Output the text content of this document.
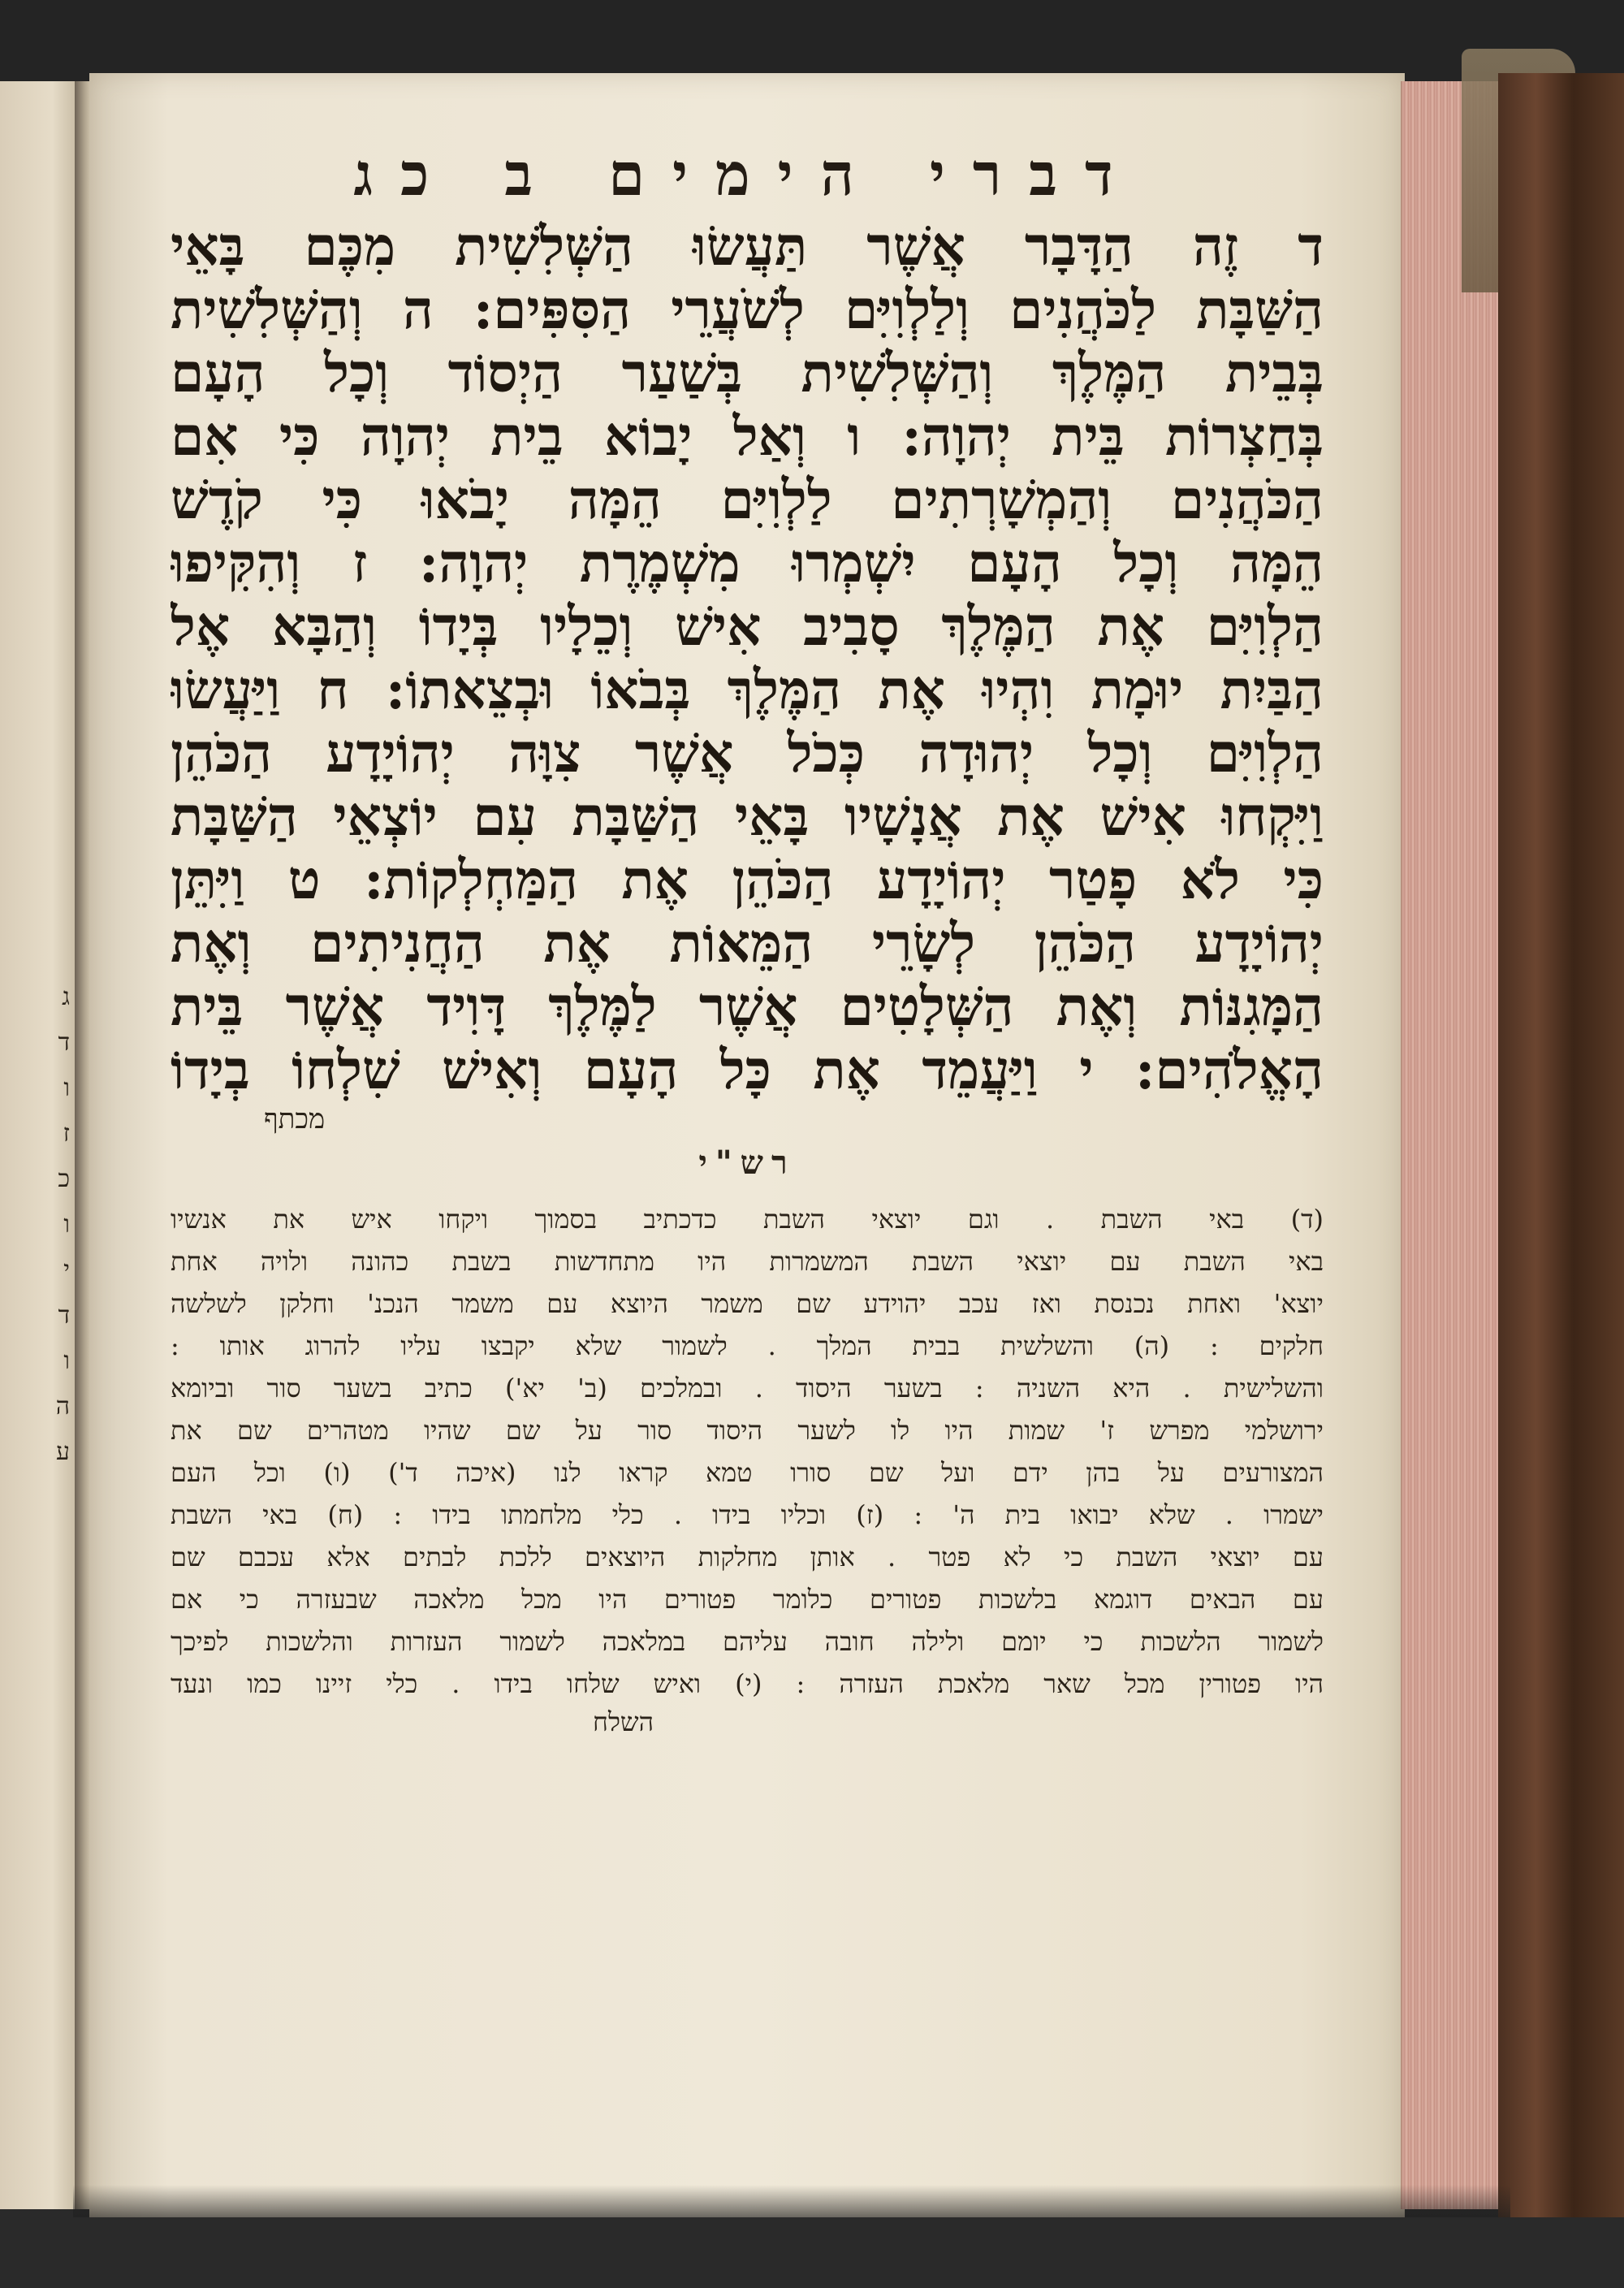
ג
ד
ו
ז
כ
ו
י
ד
ו
ה
ע
דברי הימים ב כג
ד זֶה הַדָּבָר אֲשֶׁר תַּעֲשׂוּ הַשְּׁלִשִׁית מִכֶּם בָּאֵי
הַשַּׁבָּת לַכֹּהֲנִים וְלַלְוִיִּם לְשֹׁעֲרֵי הַסִּפִּים: ה וְהַשְּׁלִשִׁית
בְּבֵית הַמֶּלֶךְ וְהַשְּׁלִשִׁית בְּשַׁעַר הַיְסוֹד וְכָל הָעָם
בְּחַצְרוֹת בֵּית יְהוָה: ו וְאַל יָבוֹא בֵית יְהוָה כִּי אִם
הַכֹּהֲנִים וְהַמְשָׁרְתִים לַלְוִיִּם הֵמָּה יָבֹאוּ כִּי קֹדֶשׁ
הֵמָּה וְכָל הָעָם יִשְׁמְרוּ מִשְׁמֶרֶת יְהוָה: ז וְהִקִּיפוּ
הַלְוִיִּם אֶת הַמֶּלֶךְ סָבִיב אִישׁ וְכֵלָיו בְּיָדוֹ וְהַבָּא אֶל
הַבַּיִת יוּמָת וִהְיוּ אֶת הַמֶּלֶךְ בְּבֹאוֹ וּבְצֵאתוֹ: ח וַיַּעֲשׂוּ
הַלְוִיִּם וְכָל יְהוּדָה כְּכֹל אֲשֶׁר צִוָּה יְהוֹיָדָע הַכֹּהֵן
וַיִּקְחוּ אִישׁ אֶת אֲנָשָׁיו בָּאֵי הַשַּׁבָּת עִם יוֹצְאֵי הַשַּׁבָּת
כִּי לֹא פָטַר יְהוֹיָדָע הַכֹּהֵן אֶת הַמַּחְלְקוֹת: ט וַיִּתֵּן
יְהוֹיָדָע הַכֹּהֵן לְשָׂרֵי הַמֵּאוֹת אֶת הַחֲנִיתִים וְאֶת
הַמָּגִנּוֹת וְאֶת הַשְּׁלָטִים אֲשֶׁר לַמֶּלֶךְ דָּוִיד אֲשֶׁר בֵּית
הָאֱלֹהִים: י וַיַּעֲמֵד אֶת כָּל הָעָם וְאִישׁ שִׁלְחוֹ בְיָדוֹ
מכתף
רש"י
(ד) באי השבת . וגם יוצאי השבת כדכתיב בסמוך ויקחו איש את אנשיו
באי השבת עם יוצאי השבת המשמרות היו מתחדשות בשבת כהונה ולויה אחת
יוצא' ואחת נכנסת ואז עכב יהוידע שם משמר היוצא עם משמר הנכנ' וחלקן לשלשה
חלקים : (ה) והשלשית בבית המלך . לשמור שלא יקבצו עליו להרוג אותו :
והשלישית . היא השניה : בשער היסוד . ובמלכים (ב' יא') כתיב בשער סור וביומא
ירושלמי מפרש ז' שמות היו לו לשער היסוד סור על שם שהיו מטהרים שם את
המצורעים על בהן ידם ועל שם סורו טמא קראו לנו (איכה ד') (ו) וכל העם
ישמרו . שלא יבואו בית ה' : (ז) וכליו בידו . כלי מלחמתו בידו : (ח) באי השבת
עם יוצאי השבת כי לא פטר . אותן מחלקות היוצאים ללכת לבתים אלא עכבם שם
עם הבאים דוגמא בלשכות פטורים כלומר פטורים היו מכל מלאכה שבעזרה כי אם
לשמור הלשכות כי יומם ולילה חובה עליהם במלאכה לשמור העזרות והלשכות לפיכך
היו פטורין מכל שאר מלאכת העזרה : (י) ואיש שלחו בידו . כלי זיינו כמו ונעד
השלח
